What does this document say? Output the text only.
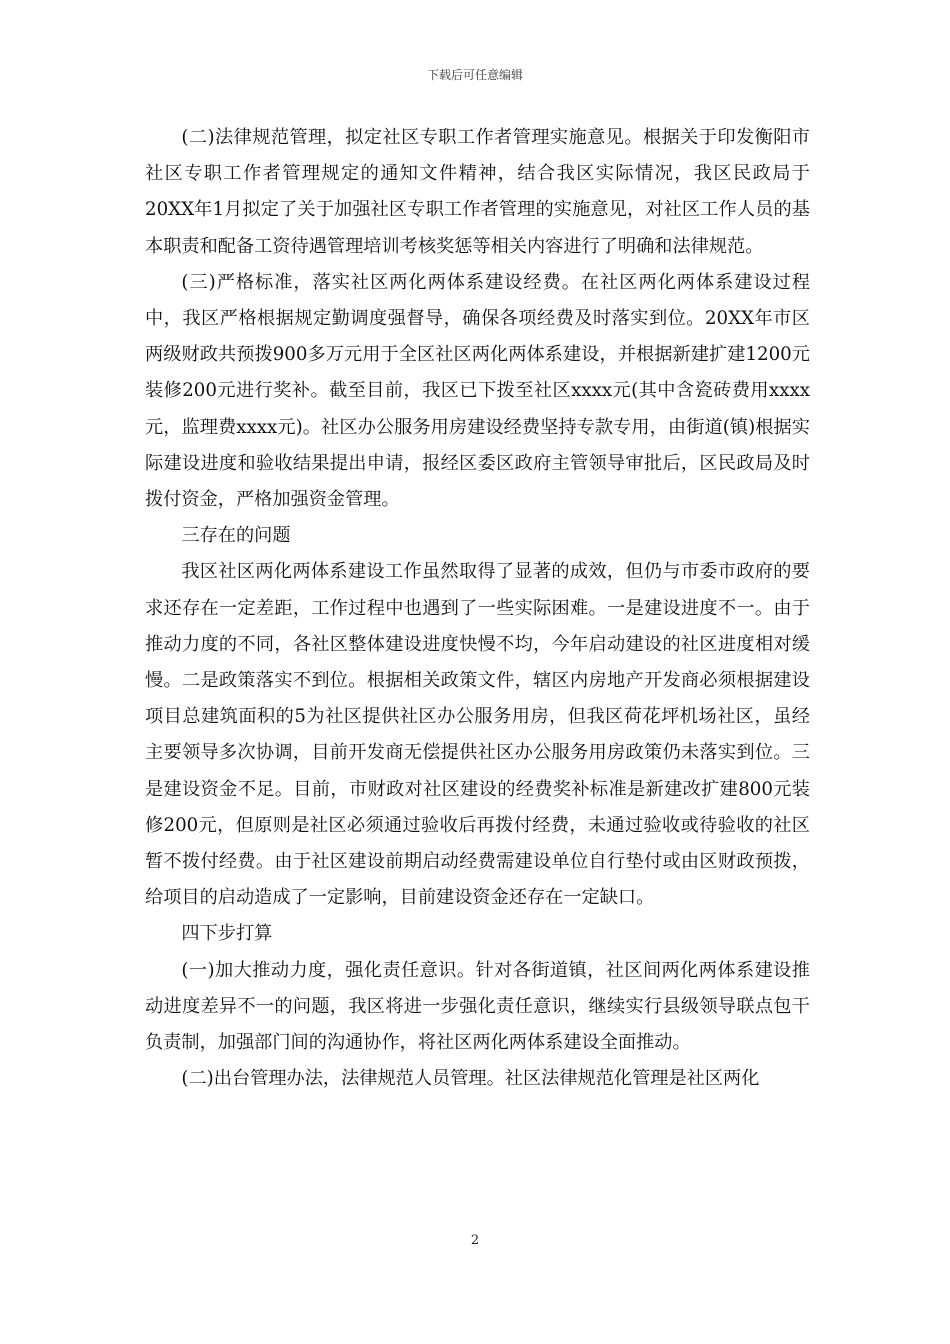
下载后可任意编辑

(二)法律规范管理，拟定社区专职工作者管理实施意见。根据关于印发衡阳市社区专职工作者管理规定的通知文件精神，结合我区实际情况，我区民政局于20XX年1月拟定了关于加强社区专职工作者管理的实施意见，对社区工作人员的基本职责和配备工资待遇管理培训考核奖惩等相关内容进行了明确和法律规范。

(三)严格标准，落实社区两化两体系建设经费。在社区两化两体系建设过程中，我区严格根据规定勤调度强督导，确保各项经费及时落实到位。20XX年市区两级财政共预拨900多万元用于全区社区两化两体系建设，并根据新建扩建1200元装修200元进行奖补。截至目前，我区已下拨至社区xxxx元(其中含瓷砖费用xxxx元，监理费xxxx元)。社区办公服务用房建设经费坚持专款专用，由街道(镇)根据实际建设进度和验收结果提出申请，报经区委区政府主管领导审批后，区民政局及时拨付资金，严格加强资金管理。

三存在的问题

我区社区两化两体系建设工作虽然取得了显著的成效，但仍与市委市政府的要求还存在一定差距，工作过程中也遇到了一些实际困难。一是建设进度不一。由于推动力度的不同，各社区整体建设进度快慢不均，今年启动建设的社区进度相对缓慢。二是政策落实不到位。根据相关政策文件，辖区内房地产开发商必须根据建设项目总建筑面积的5为社区提供社区办公服务用房，但我区荷花坪机场社区，虽经主要领导多次协调，目前开发商无偿提供社区办公服务用房政策仍未落实到位。三是建设资金不足。目前，市财政对社区建设的经费奖补标准是新建改扩建800元装修200元，但原则是社区必须通过验收后再拨付经费，未通过验收或待验收的社区暂不拨付经费。由于社区建设前期启动经费需建设单位自行垫付或由区财政预拨，给项目的启动造成了一定影响，目前建设资金还存在一定缺口。

四下步打算

(一)加大推动力度，强化责任意识。针对各街道镇，社区间两化两体系建设推动进度差异不一的问题，我区将进一步强化责任意识，继续实行县级领导联点包干负责制，加强部门间的沟通协作，将社区两化两体系建设全面推动。

(二)出台管理办法，法律规范人员管理。社区法律规范化管理是社区两化

2
